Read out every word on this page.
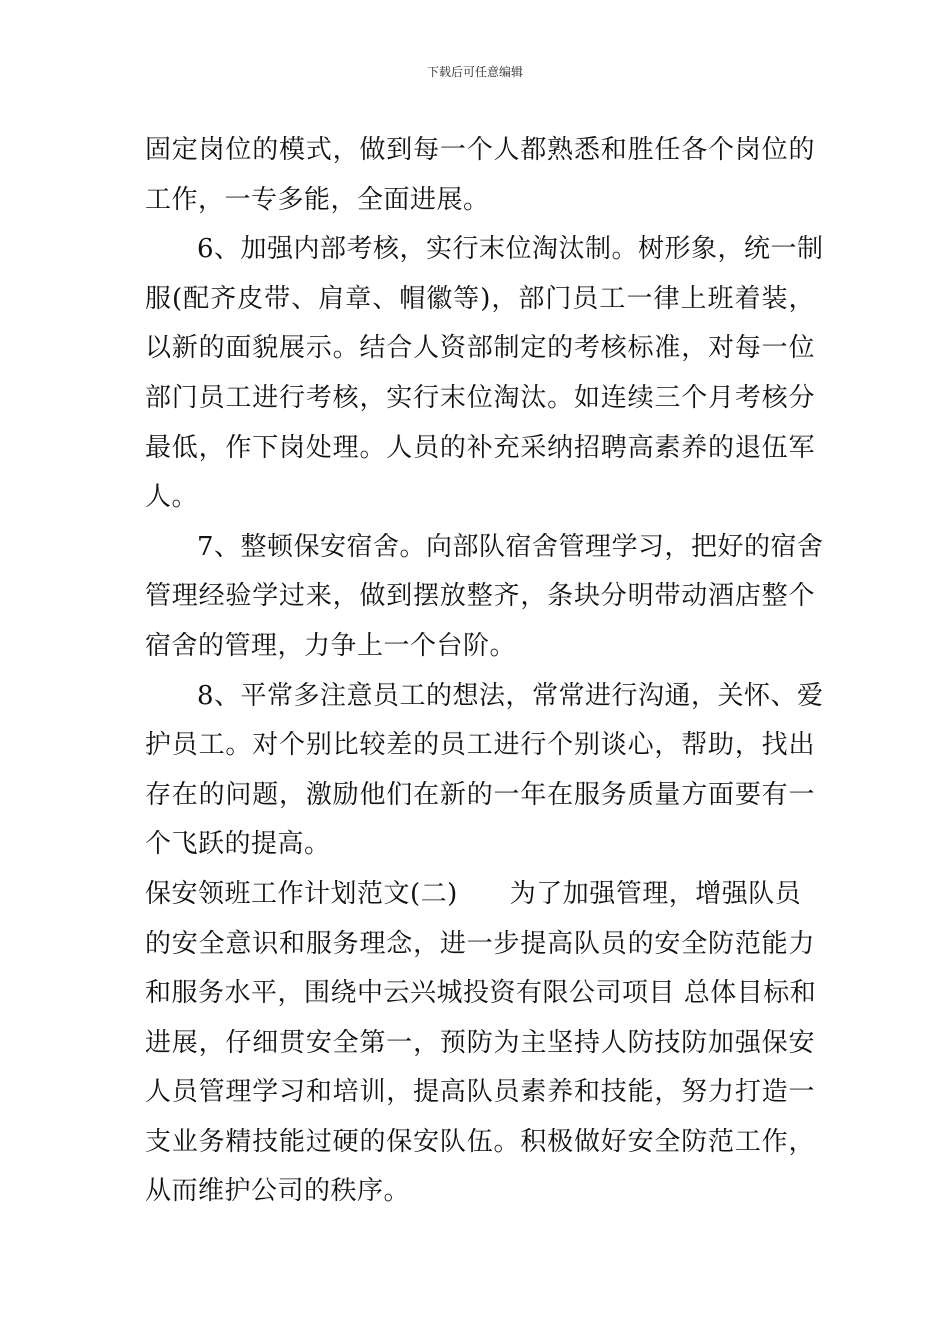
下载后可任意编辑
固定岗位的模式，做到每一个人都熟悉和胜任各个岗位的
工作，一专多能，全面进展。
6、加强内部考核，实行末位淘汰制。树形象，统一制
服(配齐皮带、肩章、帽徽等)，部门员工一律上班着装，
以新的面貌展示。结合人资部制定的考核标准，对每一位
部门员工进行考核，实行末位淘汰。如连续三个月考核分
最低，作下岗处理。人员的补充采纳招聘高素养的退伍军
人。
7、整顿保安宿舍。向部队宿舍管理学习，把好的宿舍
管理经验学过来，做到摆放整齐，条块分明带动酒店整个
宿舍的管理，力争上一个台阶。
8、平常多注意员工的想法，常常进行沟通，关怀、爱
护员工。对个别比较差的员工进行个别谈心，帮助，找出
存在的问题，激励他们在新的一年在服务质量方面要有一
个飞跃的提高。
保安领班工作计划范文(二) 为了加强管理，增强队员
的安全意识和服务理念，进一步提高队员的安全防范能力
和服务水平，围绕中云兴城投资有限公司项目 总体目标和
进展，仔细贯安全第一，预防为主坚持人防技防加强保安
人员管理学习和培训，提高队员素养和技能，努力打造一
支业务精技能过硬的保安队伍。积极做好安全防范工作，
从而维护公司的秩序。
